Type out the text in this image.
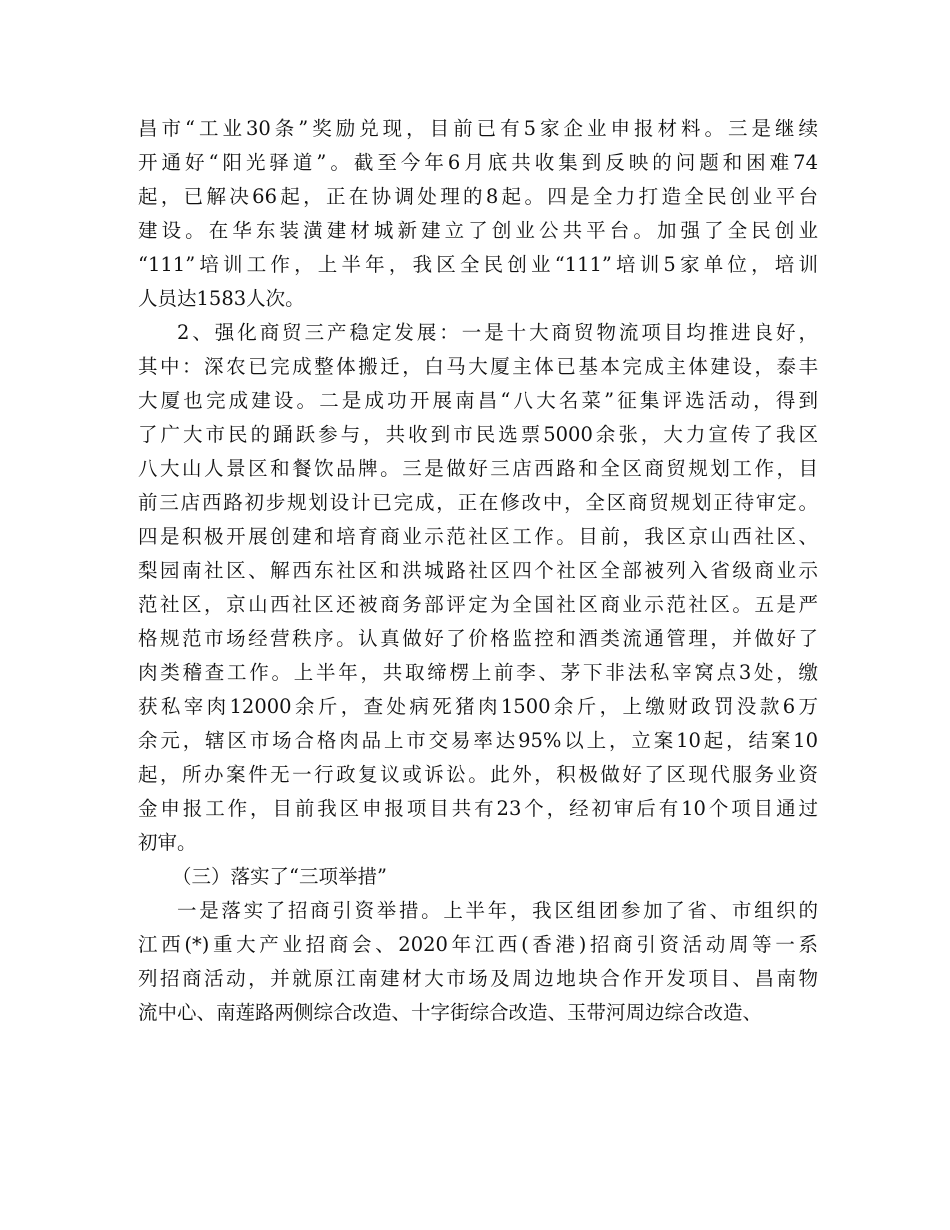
昌市“工业30条”奖励兑现，目前已有5家企业申报材料。三是继续
开通好“阳光驿道”。截至今年6月底共收集到反映的问题和困难74
起，已解决66起，正在协调处理的8起。四是全力打造全民创业平台
建设。在华东装潢建材城新建立了创业公共平台。加强了全民创业
“111”培训工作，上半年，我区全民创业“111”培训5家单位，培训
人员达1583人次。
2、强化商贸三产稳定发展：一是十大商贸物流项目均推进良好，
其中：深农已完成整体搬迁，白马大厦主体已基本完成主体建设，泰丰
大厦也完成建设。二是成功开展南昌“八大名菜”征集评选活动，得到
了广大市民的踊跃参与，共收到市民选票5000余张，大力宣传了我区
八大山人景区和餐饮品牌。三是做好三店西路和全区商贸规划工作，目
前三店西路初步规划设计已完成，正在修改中，全区商贸规划正待审定。
四是积极开展创建和培育商业示范社区工作。目前，我区京山西社区、
梨园南社区、解西东社区和洪城路社区四个社区全部被列入省级商业示
范社区，京山西社区还被商务部评定为全国社区商业示范社区。五是严
格规范市场经营秩序。认真做好了价格监控和酒类流通管理，并做好了
肉类稽查工作。上半年，共取缔楞上前李、茅下非法私宰窝点3处，缴
获私宰肉12000余斤，查处病死猪肉1500余斤，上缴财政罚没款6万
余元，辖区市场合格肉品上市交易率达95%以上，立案10起，结案10
起，所办案件无一行政复议或诉讼。此外，积极做好了区现代服务业资
金申报工作，目前我区申报项目共有23个，经初审后有10个项目通过
初审。
（三）落实了“三项举措”
一是落实了招商引资举措。上半年，我区组团参加了省、市组织的
江西(*)重大产业招商会、2020年江西(香港)招商引资活动周等一系
列招商活动，并就原江南建材大市场及周边地块合作开发项目、昌南物
流中心、南莲路两侧综合改造、十字街综合改造、玉带河周边综合改造、
